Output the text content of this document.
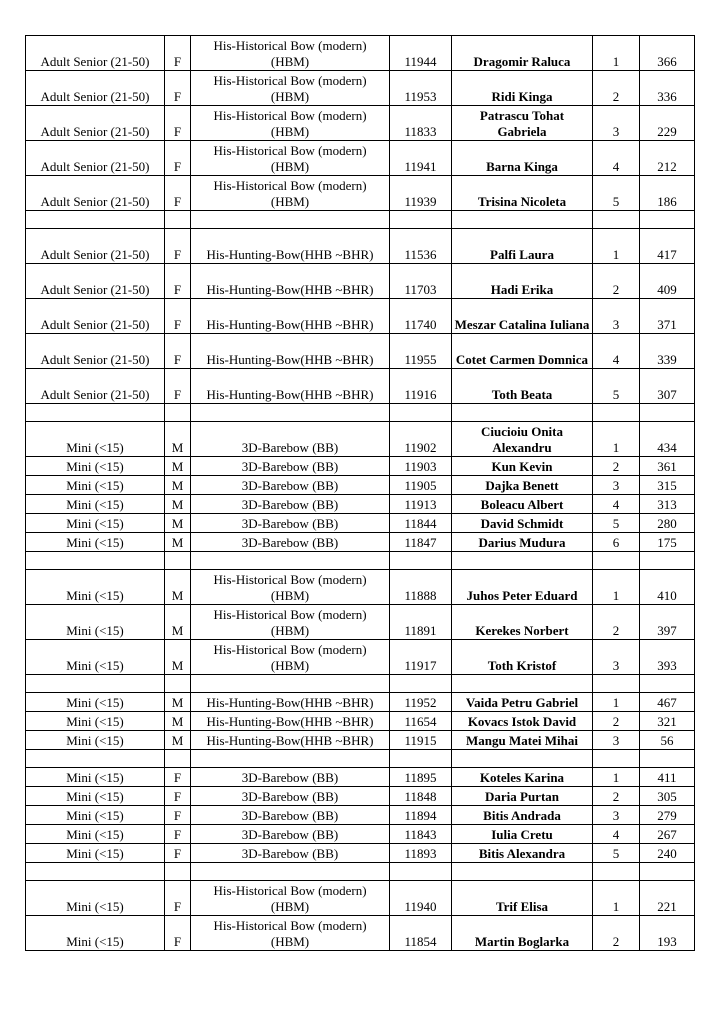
Adult Senior (21-50)	F	His-Historical Bow (modern) (HBM)	11944	Dragomir Raluca	1	366
Adult Senior (21-50)	F	His-Historical Bow (modern) (HBM)	11953	Ridi Kinga	2	336
Adult Senior (21-50)	F	His-Historical Bow (modern) (HBM)	11833	Patrascu Tohat Gabriela	3	229
Adult Senior (21-50)	F	His-Historical Bow (modern) (HBM)	11941	Barna Kinga	4	212
Adult Senior (21-50)	F	His-Historical Bow (modern) (HBM)	11939	Trisina Nicoleta	5	186

Adult Senior (21-50)	F	His-Hunting-Bow(HHB ~BHR)	11536	Palfi Laura	1	417
Adult Senior (21-50)	F	His-Hunting-Bow(HHB ~BHR)	11703	Hadi Erika	2	409
Adult Senior (21-50)	F	His-Hunting-Bow(HHB ~BHR)	11740	Meszar Catalina Iuliana	3	371
Adult Senior (21-50)	F	His-Hunting-Bow(HHB ~BHR)	11955	Cotet Carmen Domnica	4	339
Adult Senior (21-50)	F	His-Hunting-Bow(HHB ~BHR)	11916	Toth Beata	5	307

Mini (<15)	M	3D-Barebow (BB)	11902	Ciucioiu Onita Alexandru	1	434
Mini (<15)	M	3D-Barebow (BB)	11903	Kun Kevin	2	361
Mini (<15)	M	3D-Barebow (BB)	11905	Dajka Benett	3	315
Mini (<15)	M	3D-Barebow (BB)	11913	Boleacu Albert	4	313
Mini (<15)	M	3D-Barebow (BB)	11844	David Schmidt	5	280
Mini (<15)	M	3D-Barebow (BB)	11847	Darius Mudura	6	175

Mini (<15)	M	His-Historical Bow (modern) (HBM)	11888	Juhos Peter Eduard	1	410
Mini (<15)	M	His-Historical Bow (modern) (HBM)	11891	Kerekes Norbert	2	397
Mini (<15)	M	His-Historical Bow (modern) (HBM)	11917	Toth Kristof	3	393

Mini (<15)	M	His-Hunting-Bow(HHB ~BHR)	11952	Vaida Petru Gabriel	1	467
Mini (<15)	M	His-Hunting-Bow(HHB ~BHR)	11654	Kovacs Istok David	2	321
Mini (<15)	M	His-Hunting-Bow(HHB ~BHR)	11915	Mangu Matei Mihai	3	56

Mini (<15)	F	3D-Barebow (BB)	11895	Koteles Karina	1	411
Mini (<15)	F	3D-Barebow (BB)	11848	Daria Purtan	2	305
Mini (<15)	F	3D-Barebow (BB)	11894	Bitis Andrada	3	279
Mini (<15)	F	3D-Barebow (BB)	11843	Iulia Cretu	4	267
Mini (<15)	F	3D-Barebow (BB)	11893	Bitis Alexandra	5	240

Mini (<15)	F	His-Historical Bow (modern) (HBM)	11940	Trif Elisa	1	221
Mini (<15)	F	His-Historical Bow (modern) (HBM)	11854	Martin Boglarka	2	193
